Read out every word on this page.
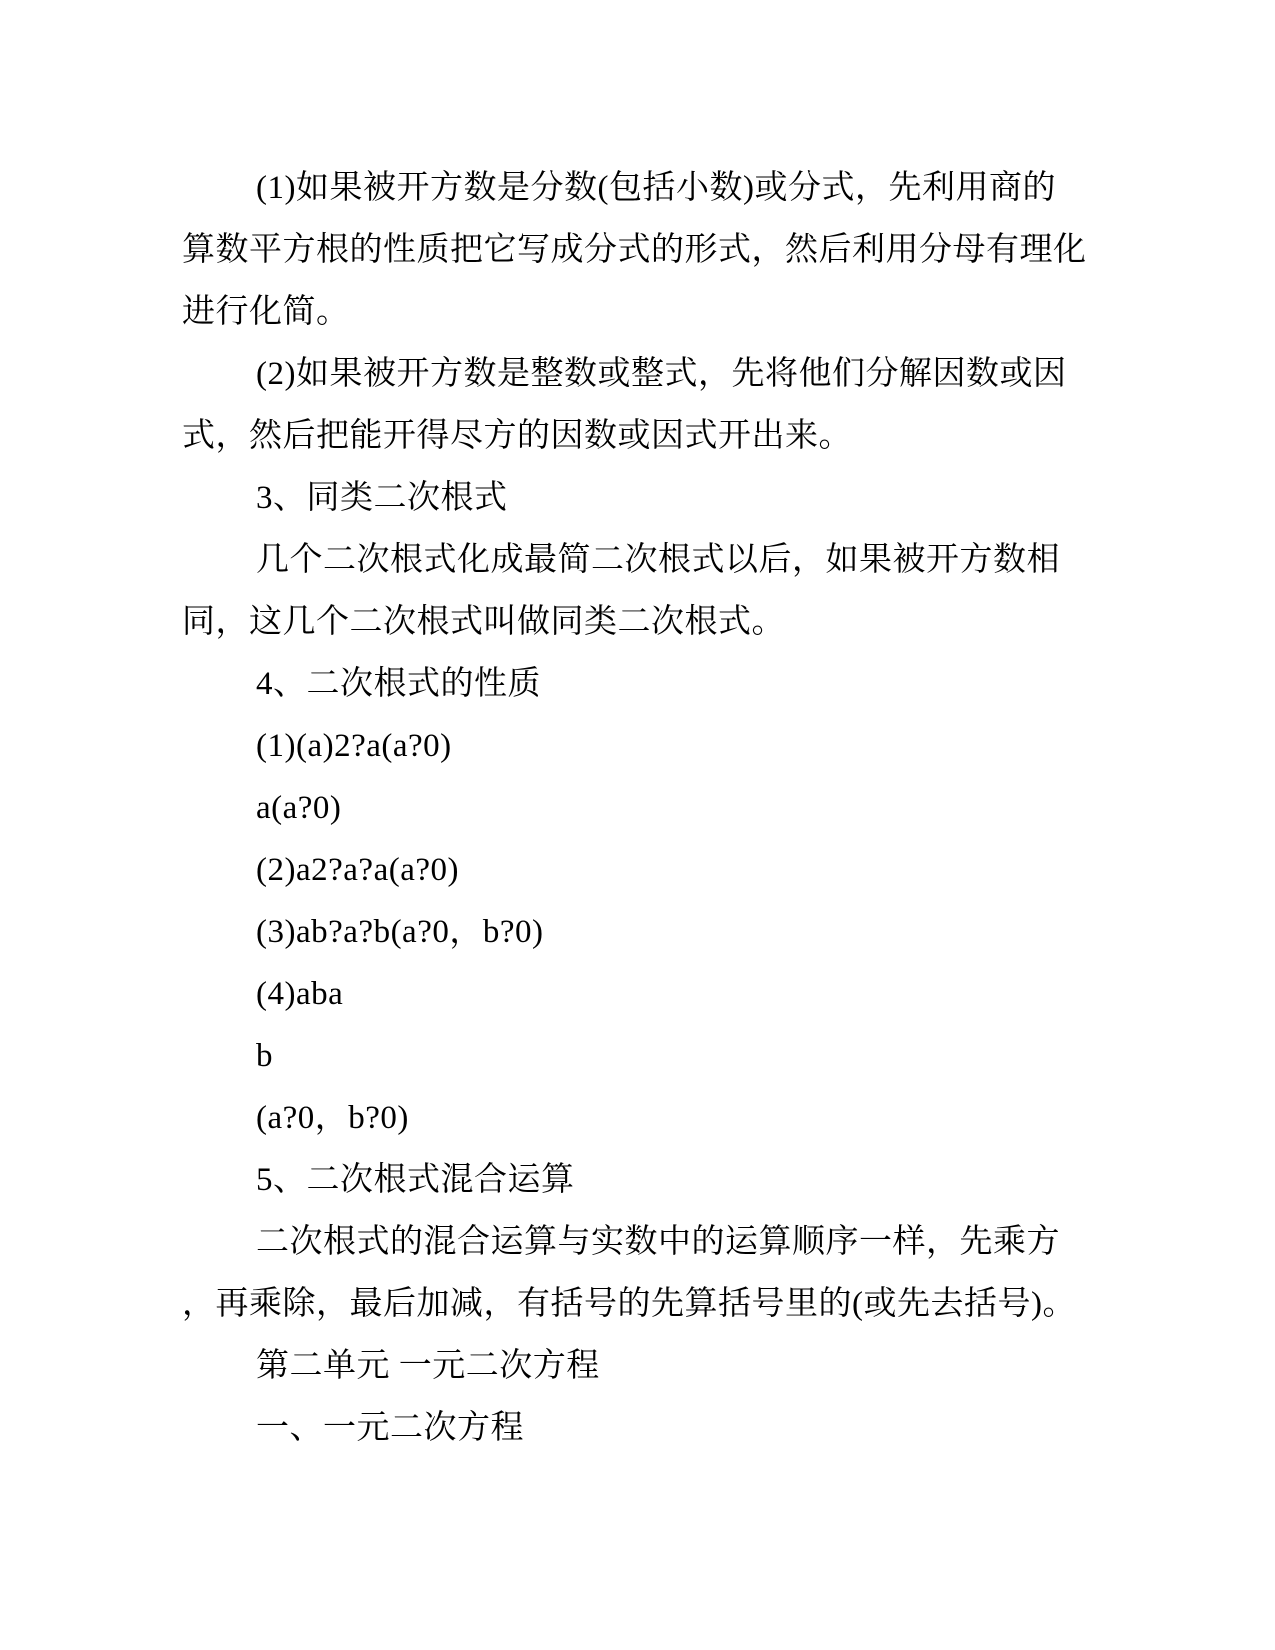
(1)如果被开方数是分数(包括小数)或分式，先利用商的
算数平方根的性质把它写成分式的形式，然后利用分母有理化
进行化简。
(2)如果被开方数是整数或整式，先将他们分解因数或因
式，然后把能开得尽方的因数或因式开出来。
3、同类二次根式
几个二次根式化成最简二次根式以后，如果被开方数相
同，这几个二次根式叫做同类二次根式。
4、二次根式的性质
(1)(a)2?a(a?0)
a(a?0)
(2)a2?a?a(a?0)
(3)ab?a?b(a?0，b?0)
(4)aba
b
(a?0，b?0)
5、二次根式混合运算
二次根式的混合运算与实数中的运算顺序一样，先乘方
，再乘除，最后加减，有括号的先算括号里的(或先去括号)。
第二单元 一元二次方程
一、一元二次方程
